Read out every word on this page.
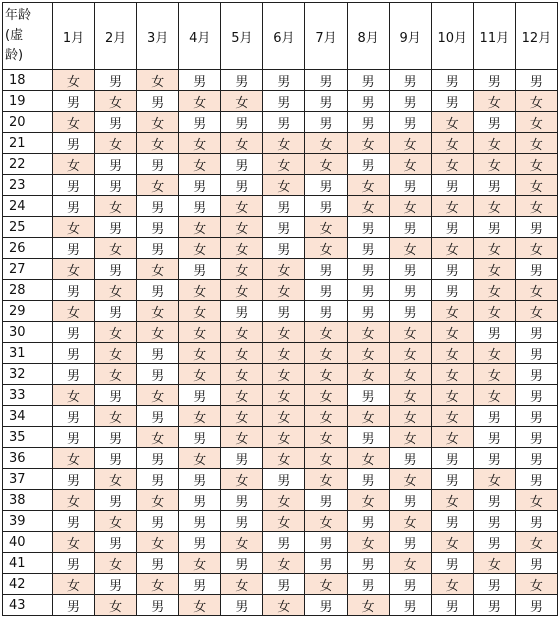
年龄
(虚
龄)	1月	2月	3月	4月	5月	6月	7月	8月	9月	10月	11月	12月
18	女	男	女	男	男	男	男	男	男	男	男	男
19	男	女	男	女	女	男	男	男	男	男	女	女
20	女	男	女	男	男	男	男	男	男	女	男	女
21	男	女	女	女	女	女	女	女	女	女	女	女
22	女	男	男	女	男	女	女	男	女	女	女	女
23	男	男	女	男	男	女	男	女	男	男	男	女
24	男	女	男	男	女	男	男	女	女	女	女	女
25	女	男	男	女	女	男	女	男	男	男	男	男
26	男	女	男	女	女	男	女	男	女	女	女	女
27	女	男	女	男	女	女	男	男	男	男	女	男
28	男	女	男	女	女	女	男	男	男	男	女	女
29	女	男	女	女	男	男	男	男	男	女	女	女
30	男	女	女	女	女	女	女	女	女	女	男	男
31	男	女	男	女	女	女	女	女	女	女	女	男
32	男	女	男	女	女	女	女	女	女	女	女	男
33	女	男	女	男	女	女	女	男	女	女	女	男
34	男	女	男	女	女	女	女	女	女	女	男	男
35	男	男	女	男	女	女	女	男	女	女	男	男
36	女	男	男	女	男	女	女	女	男	男	男	男
37	男	女	男	男	女	男	女	男	女	男	女	男
38	女	男	女	男	男	女	男	女	男	女	男	女
39	男	女	男	男	男	女	女	男	女	男	男	男
40	女	男	女	男	女	男	男	女	男	女	男	女
41	男	女	男	女	男	女	男	男	女	男	女	男
42	女	男	女	男	女	男	女	男	男	女	男	女
43	男	女	男	女	男	女	男	女	男	男	男	男
